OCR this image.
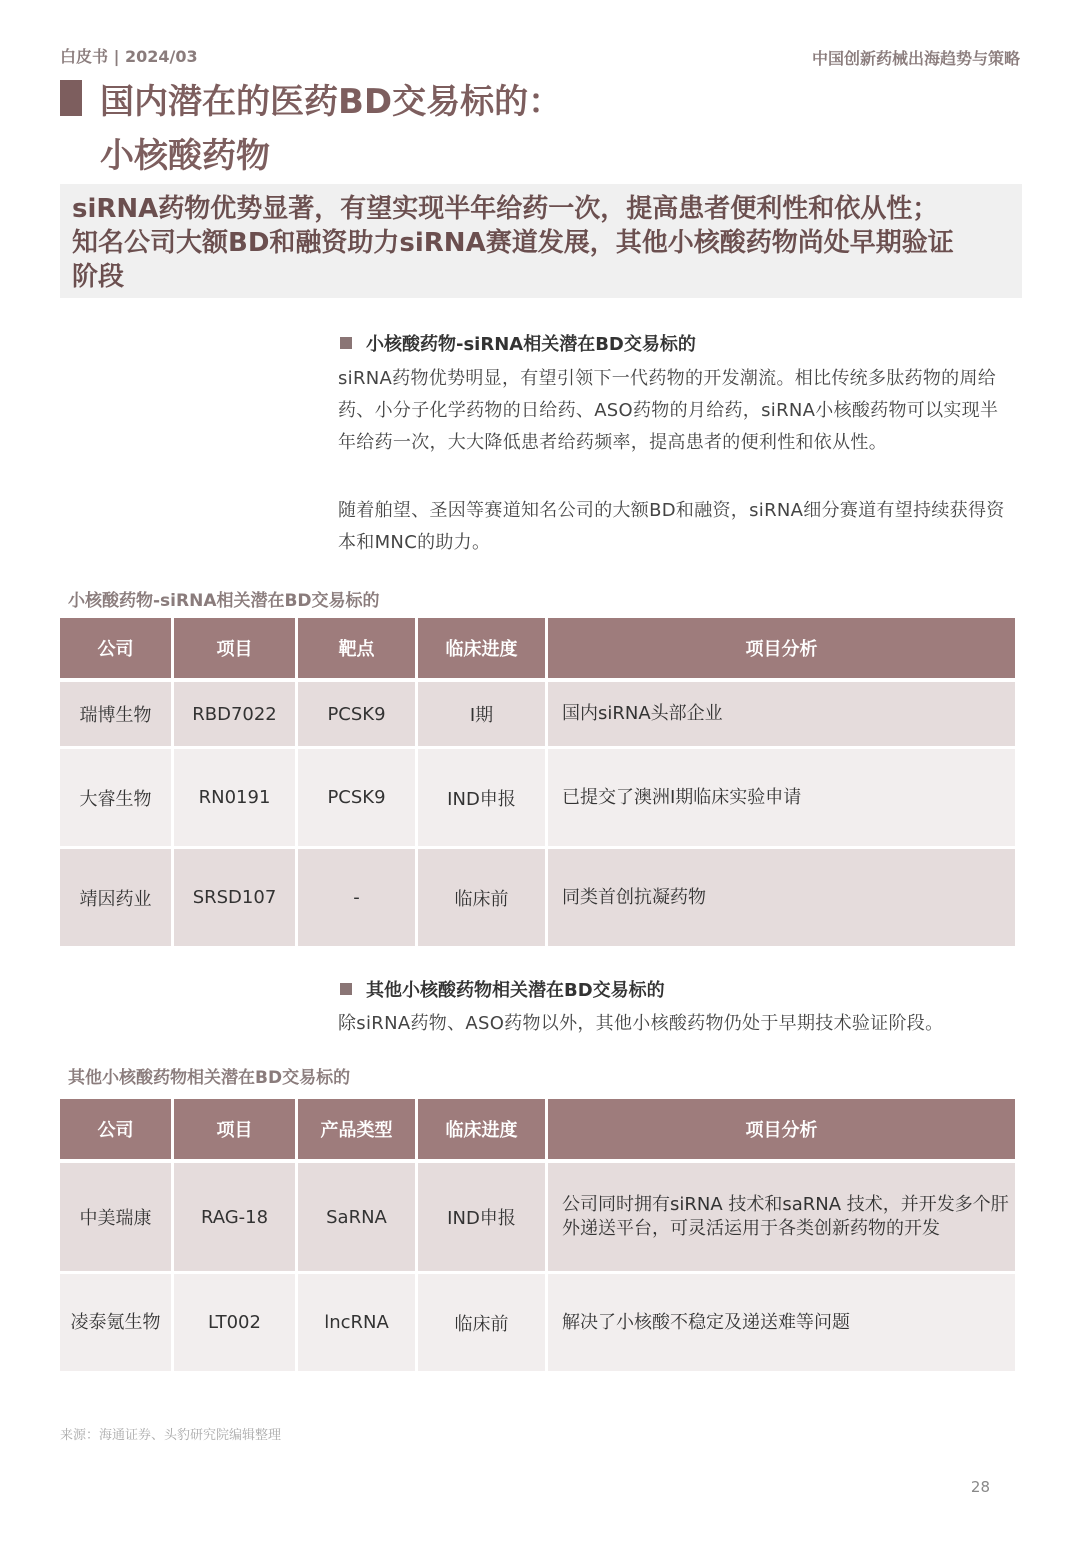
白皮书 | 2024/03	中国创新药械出海趋势与策略
国内潜在的医药BD交易标的：
小核酸药物

siRNA药物优势显著，有望实现半年给药一次，提高患者便利性和依从性；

知名公司大额BD和融资助力siRNA赛道发展，其他小核酸药物尚处早期验证

阶段

小核酸药物-siRNA相关潜在BD交易标的

siRNA药物优势明显，有望引领下一代药物的开发潮流。相比传统多肽药物的周给药、小分子化学药物的日给药、ASO药物的月给药，siRNA小核酸药物可以实现半年给药一次，大大降低患者给药频率，提高患者的便利性和依从性。

随着舶望、圣因等赛道知名公司的大额BD和融资，siRNA细分赛道有望持续获得资本和MNC的助力。

小核酸药物-siRNA相关潜在BD交易标的
公司	项目	靶点	临床进度	项目分析
瑞博生物	RBD7022	PCSK9	I期	国内siRNA头部企业
大睿生物	RN0191	PCSK9	IND申报	已提交了澳洲I期临床实验申请
靖因药业	SRSD107	-	临床前	同类首创抗凝药物
其他小核酸药物相关潜在BD交易标的

除siRNA药物、ASO药物以外，其他小核酸药物仍处于早期技术验证阶段。

其他小核酸药物相关潜在BD交易标的
公司	项目	产品类型	临床进度	项目分析
中美瑞康	RAG-18	SaRNA	IND申报	公司同时拥有siRNA 技术和saRNA 技术，并开发多个肝外递送平台，可灵活运用于各类创新药物的开发
凌泰氪生物	LT002	lncRNA	临床前	解决了小核酸不稳定及递送难等问题
来源：海通证券、头豹研究院编辑整理
28
